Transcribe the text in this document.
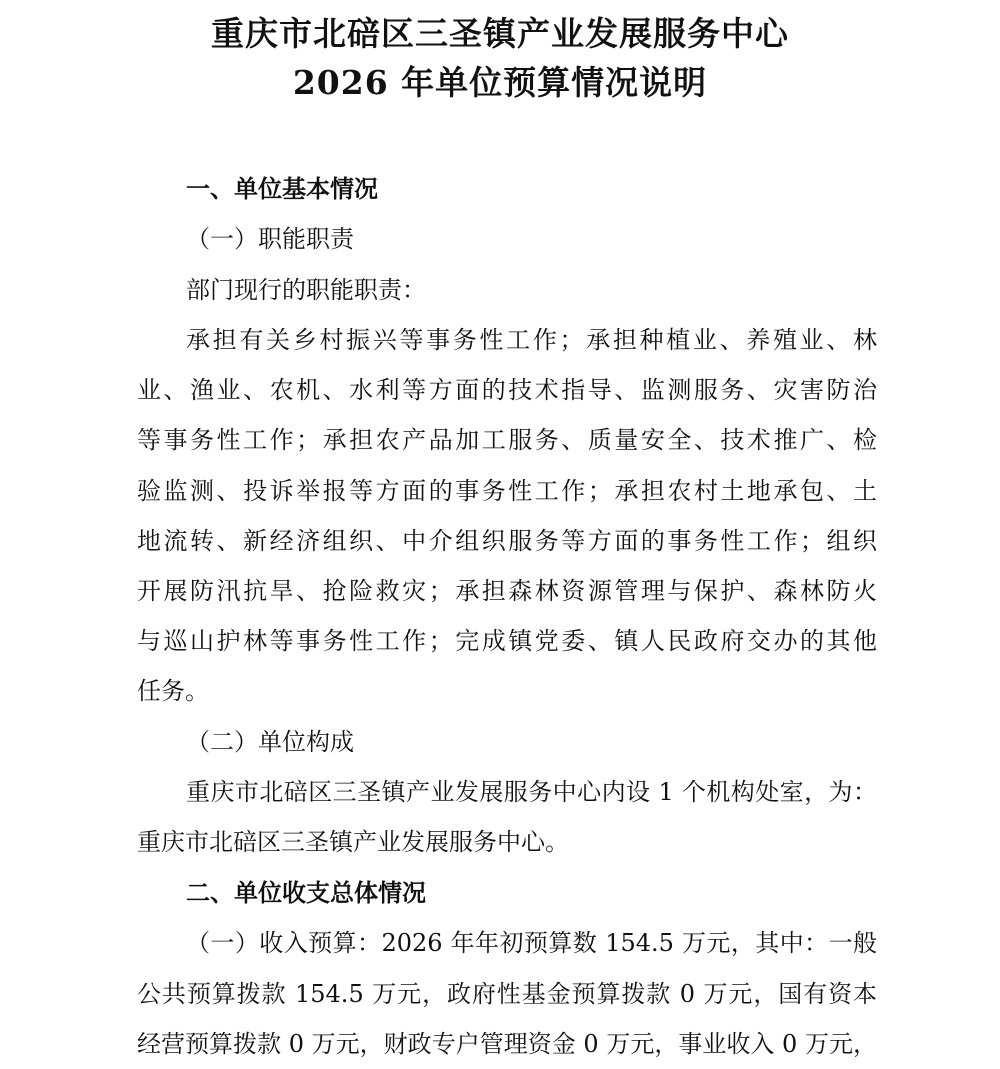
重庆市北碚区三圣镇产业发展服务中心
2026 年单位预算情况说明

一、单位基本情况

（一）职能职责

部门现行的职能职责：

承担有关乡村振兴等事务性工作；承担种植业、养殖业、林

业、渔业、农机、水利等方面的技术指导、监测服务、灾害防治

等事务性工作；承担农产品加工服务、质量安全、技术推广、检

验监测、投诉举报等方面的事务性工作；承担农村土地承包、土

地流转、新经济组织、中介组织服务等方面的事务性工作；组织

开展防汛抗旱、抢险救灾；承担森林资源管理与保护、森林防火

与巡山护林等事务性工作；完成镇党委、镇人民政府交办的其他

任务。

（二）单位构成

重庆市北碚区三圣镇产业发展服务中心内设 1 个机构处室，为：

重庆市北碚区三圣镇产业发展服务中心。

二、单位收支总体情况

（一）收入预算：2026 年年初预算数 154.5 万元，其中：一般

公共预算拨款 154.5 万元，政府性基金预算拨款 0 万元，国有资本

经营预算拨款 0 万元，财政专户管理资金 0 万元，事业收入 0 万元，
